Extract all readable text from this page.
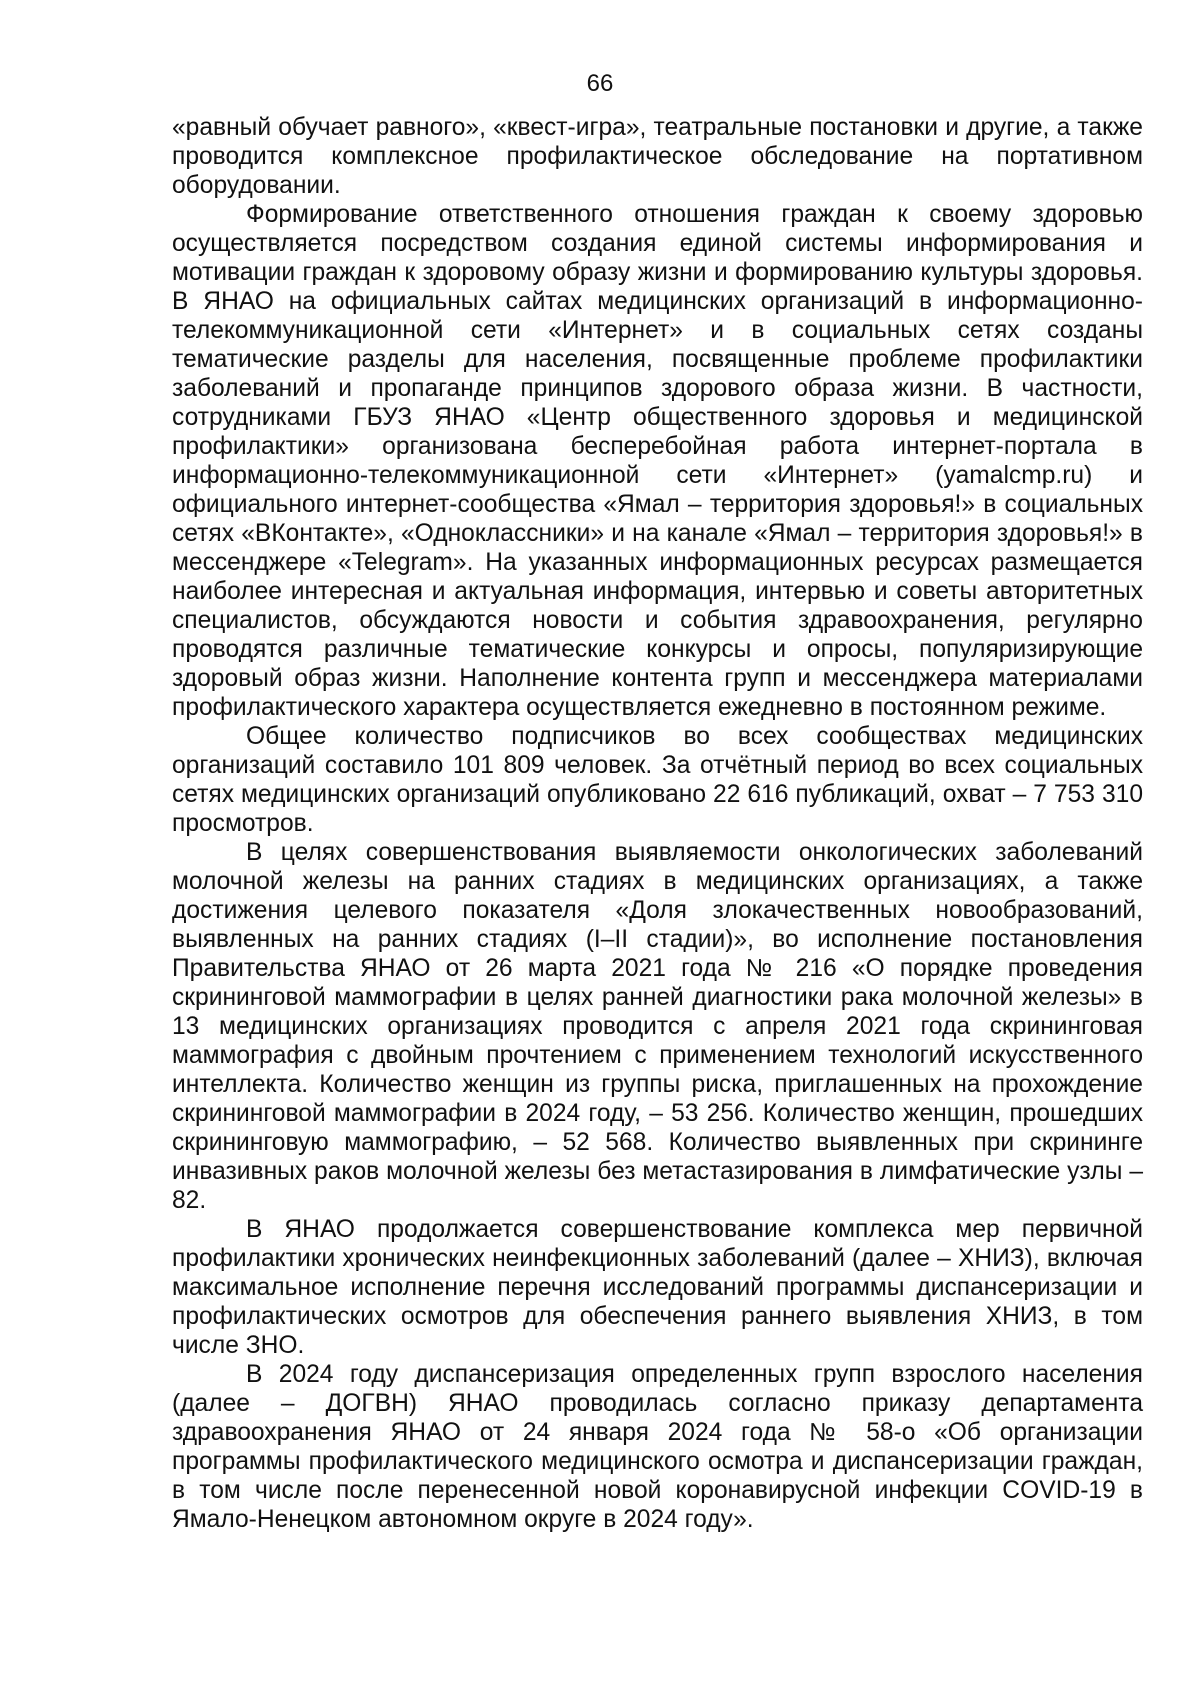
66

«равный обучает равного», «квест-игра», театральные постановки и другие, а также проводится комплексное профилактическое обследование на портативном оборудовании.

Формирование ответственного отношения граждан к своему здоровью осуществляется посредством создания единой системы информирования и мотивации граждан к здоровому образу жизни и формированию культуры здоровья. В ЯНАО на официальных сайтах медицинских организаций в информационно-телекоммуникационной сети «Интернет» и в социальных сетях созданы тематические разделы для населения, посвященные проблеме профилактики заболеваний и пропаганде принципов здорового образа жизни. В частности, сотрудниками ГБУЗ ЯНАО «Центр общественного здоровья и медицинской профилактики» организована бесперебойная работа интернет-портала в информационно-телекоммуникационной сети «Интернет» (yamalcmp.ru) и официального интернет-сообщества «Ямал – территория здоровья!» в социальных сетях «ВКонтакте», «Одноклассники» и на канале «Ямал – территория здоровья!» в мессенджере «Telegram». На указанных информационных ресурсах размещается наиболее интересная и актуальная информация, интервью и советы авторитетных специалистов, обсуждаются новости и события здравоохранения, регулярно проводятся различные тематические конкурсы и опросы, популяризирующие здоровый образ жизни. Наполнение контента групп и мессенджера материалами профилактического характера осуществляется ежедневно в постоянном режиме.

Общее количество подписчиков во всех сообществах медицинских организаций составило 101 809 человек. За отчётный период во всех социальных сетях медицинских организаций опубликовано 22 616 публикаций, охват – 7 753 310 просмотров.

В целях совершенствования выявляемости онкологических заболеваний молочной железы на ранних стадиях в медицинских организациях, а также достижения целевого показателя «Доля злокачественных новообразований, выявленных на ранних стадиях (I–II стадии)», во исполнение постановления Правительства ЯНАО от 26 марта 2021 года № 216 «О порядке проведения скрининговой маммографии в целях ранней диагностики рака молочной железы» в 13 медицинских организациях проводится с апреля 2021 года скрининговая маммография с двойным прочтением с применением технологий искусственного интеллекта. Количество женщин из группы риска, приглашенных на прохождение скрининговой маммографии в 2024 году, – 53 256. Количество женщин, прошедших скрининговую маммографию, – 52 568. Количество выявленных при скрининге инвазивных раков молочной железы без метастазирования в лимфатические узлы – 82.

В ЯНАО продолжается совершенствование комплекса мер первичной профилактики хронических неинфекционных заболеваний (далее – ХНИЗ), включая максимальное исполнение перечня исследований программы диспансеризации и профилактических осмотров для обеспечения раннего выявления ХНИЗ, в том числе ЗНО.

В 2024 году диспансеризация определенных групп взрослого населения (далее – ДОГВН) ЯНАО проводилась согласно приказу департамента здравоохранения ЯНАО от 24 января 2024 года № 58-о «Об организации программы профилактического медицинского осмотра и диспансеризации граждан, в том числе после перенесенной новой коронавирусной инфекции COVID-19 в Ямало-Ненецком автономном округе в 2024 году».
